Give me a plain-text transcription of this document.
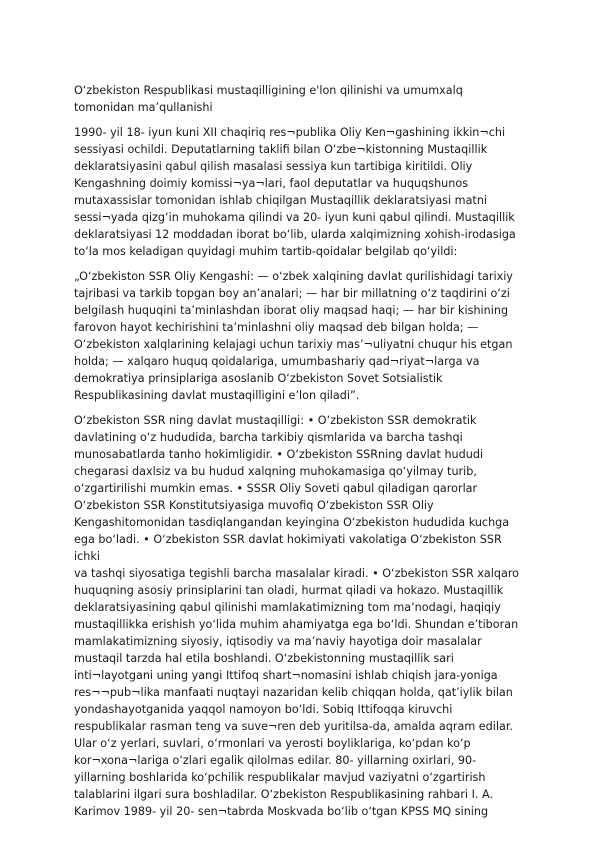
O‘zbekiston Respublikasi mustaqilligining e'lon qilinishi va umumxalq tomonidan ma’qullanishi
1990- yil 18- iyun kuni XII chaqiriq res¬publika Oliy Ken¬gashining ikkin¬chi
sessiyasi ochildi. Deputatlarning taklifi bilan O‘zbe¬kistonning Mustaqillik
deklaratsiyasini qabul qilish masalasi sessiya kun tartibiga kiritildi. Oliy
Kengashning doimiy komissi¬ya¬lari, faol deputatlar va huquqshunos
mutaxassislar tomonidan ishlab chiqilgan Mustaqillik deklaratsiyasi matni
sessi¬yada qizg‘in muhokama qilindi va 20- iyun kuni qabul qilindi. Mustaqillik
deklaratsiyasi 12 moddadan iborat bo‘lib, ularda xalqimizning xohish-irodasiga
to‘la mos keladigan quyidagi muhim tartib-qoidalar belgilab qo‘yildi:
„O‘zbekiston SSR Oliy Kengashi: — o‘zbek xalqining davlat qurilishidagi tarixiy
tajribasi va tarkib topgan boy an’analari; — har bir millatning o‘z taqdirini o‘zi
belgilash huquqini ta’minlashdan iborat oliy maqsad haqi; — har bir kishining
farovon hayot kechirishini ta’minlashni oliy maqsad deb bilgan holda; —
O‘zbekiston xalqlarining kelajagi uchun tarixiy mas’¬uliyatni chuqur his etgan
holda; — xalqaro huquq qoidalariga, umumbashariy qad¬riyat¬larga va
demokratiya prinsiplariga asoslanib O‘zbekiston Sovet Sotsialistik
Respublikasining davlat mustaqilligini e’lon qiladi”.
O‘zbekiston SSR ning davlat mustaqilligi: • O‘zbekiston SSR demokratik
davlatining o‘z hududida, barcha tarkibiy qismlarida va barcha tashqi
munosabatlarda tanho hokimligidir. • O‘zbekiston SSRning davlat hududi
chegarasi daxlsiz va bu hudud xalqning muhokamasiga qo‘yilmay turib,
o‘zgartirilishi mumkin emas. • SSSR Oliy Soveti qabul qiladigan qarorlar
O‘zbekiston SSR Konstitutsiyasiga muvofiq O‘zbekiston SSR Oliy
Kengashitomonidan tasdiqlangandan keyingina O‘zbekiston hududida kuchga
ega bo‘ladi. • O‘zbekiston SSR davlat hokimiyati vakolatiga O‘zbekiston SSR ichki
va tashqi siyosatiga tegishli barcha masalalar kiradi. • O‘zbekiston SSR xalqaro
huquqning asosiy prinsiplarini tan oladi, hurmat qiladi va hokazo. Mustaqillik
deklaratsiyasining qabul qilinishi mamlakatimizning tom ma’nodagi, haqiqiy
mustaqillikka erishish yo‘lida muhim ahamiyatga ega bo‘ldi. Shundan e’tiboran
mamlakatimizning siyosiy, iqtisodiy va ma’naviy hayotiga doir masalalar
mustaqil tarzda hal etila boshlandi. O‘zbekistonning mustaqillik sari
inti¬layotgani uning yangi Ittifoq shart¬nomasini ishlab chiqish jara-yoniga
res¬¬pub¬lika manfaati nuqtayi nazaridan kelib chiqqan holda, qat’iylik bilan
yondashayotganida yaqqol namoyon bo‘ldi. Sobiq Ittifoqqa kiruvchi
respublikalar rasman teng va suve¬ren deb yuritilsa-da, amalda aqram edilar.
Ular o‘z yerlari, suvlari, o‘rmonlari va yerosti boyliklariga, ko‘pdan ko‘p
kor¬xona¬lariga o‘zlari egalik qilolmas edilar. 80- yillarning oxirlari, 90-
yillarning boshlarida ko‘pchilik respublikalar mavjud vaziyatni o‘zgartirish
talablarini ilgari sura boshladilar. O‘zbekiston Respublikasining rahbari I. A.
Karimov 1989- yil 20- sen¬tabrda Moskvada bo‘lib o‘tgan KPSS MQ sining
